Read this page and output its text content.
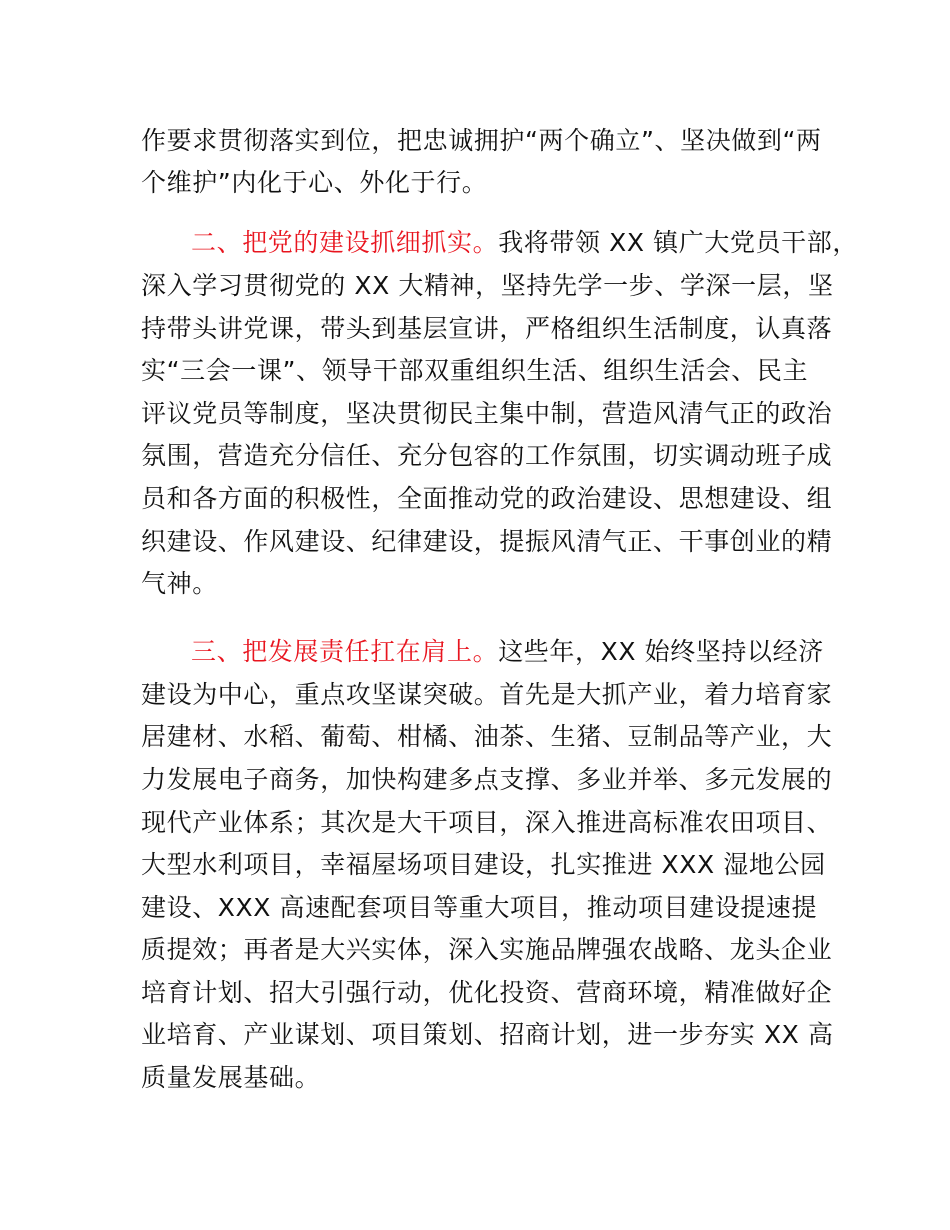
作要求贯彻落实到位，把忠诚拥护“两个确立”、坚决做到“两
个维护”内化于心、外化于行。
二、把党的建设抓细抓实。我将带领 XX 镇广大党员干部，
深入学习贯彻党的 XX 大精神，坚持先学一步、学深一层，坚
持带头讲党课，带头到基层宣讲，严格组织生活制度，认真落
实“三会一课”、领导干部双重组织生活、组织生活会、民主
评议党员等制度，坚决贯彻民主集中制，营造风清气正的政治
氛围，营造充分信任、充分包容的工作氛围，切实调动班子成
员和各方面的积极性，全面推动党的政治建设、思想建设、组
织建设、作风建设、纪律建设，提振风清气正、干事创业的精
气神。
三、把发展责任扛在肩上。这些年，XX 始终坚持以经济
建设为中心，重点攻坚谋突破。首先是大抓产业，着力培育家
居建材、水稻、葡萄、柑橘、油茶、生猪、豆制品等产业，大
力发展电子商务，加快构建多点支撑、多业并举、多元发展的
现代产业体系；其次是大干项目，深入推进高标准农田项目、
大型水利项目，幸福屋场项目建设，扎实推进 XXX 湿地公园
建设、XXX 高速配套项目等重大项目，推动项目建设提速提
质提效；再者是大兴实体，深入实施品牌强农战略、龙头企业
培育计划、招大引强行动，优化投资、营商环境，精准做好企
业培育、产业谋划、项目策划、招商计划，进一步夯实 XX 高
质量发展基础。
